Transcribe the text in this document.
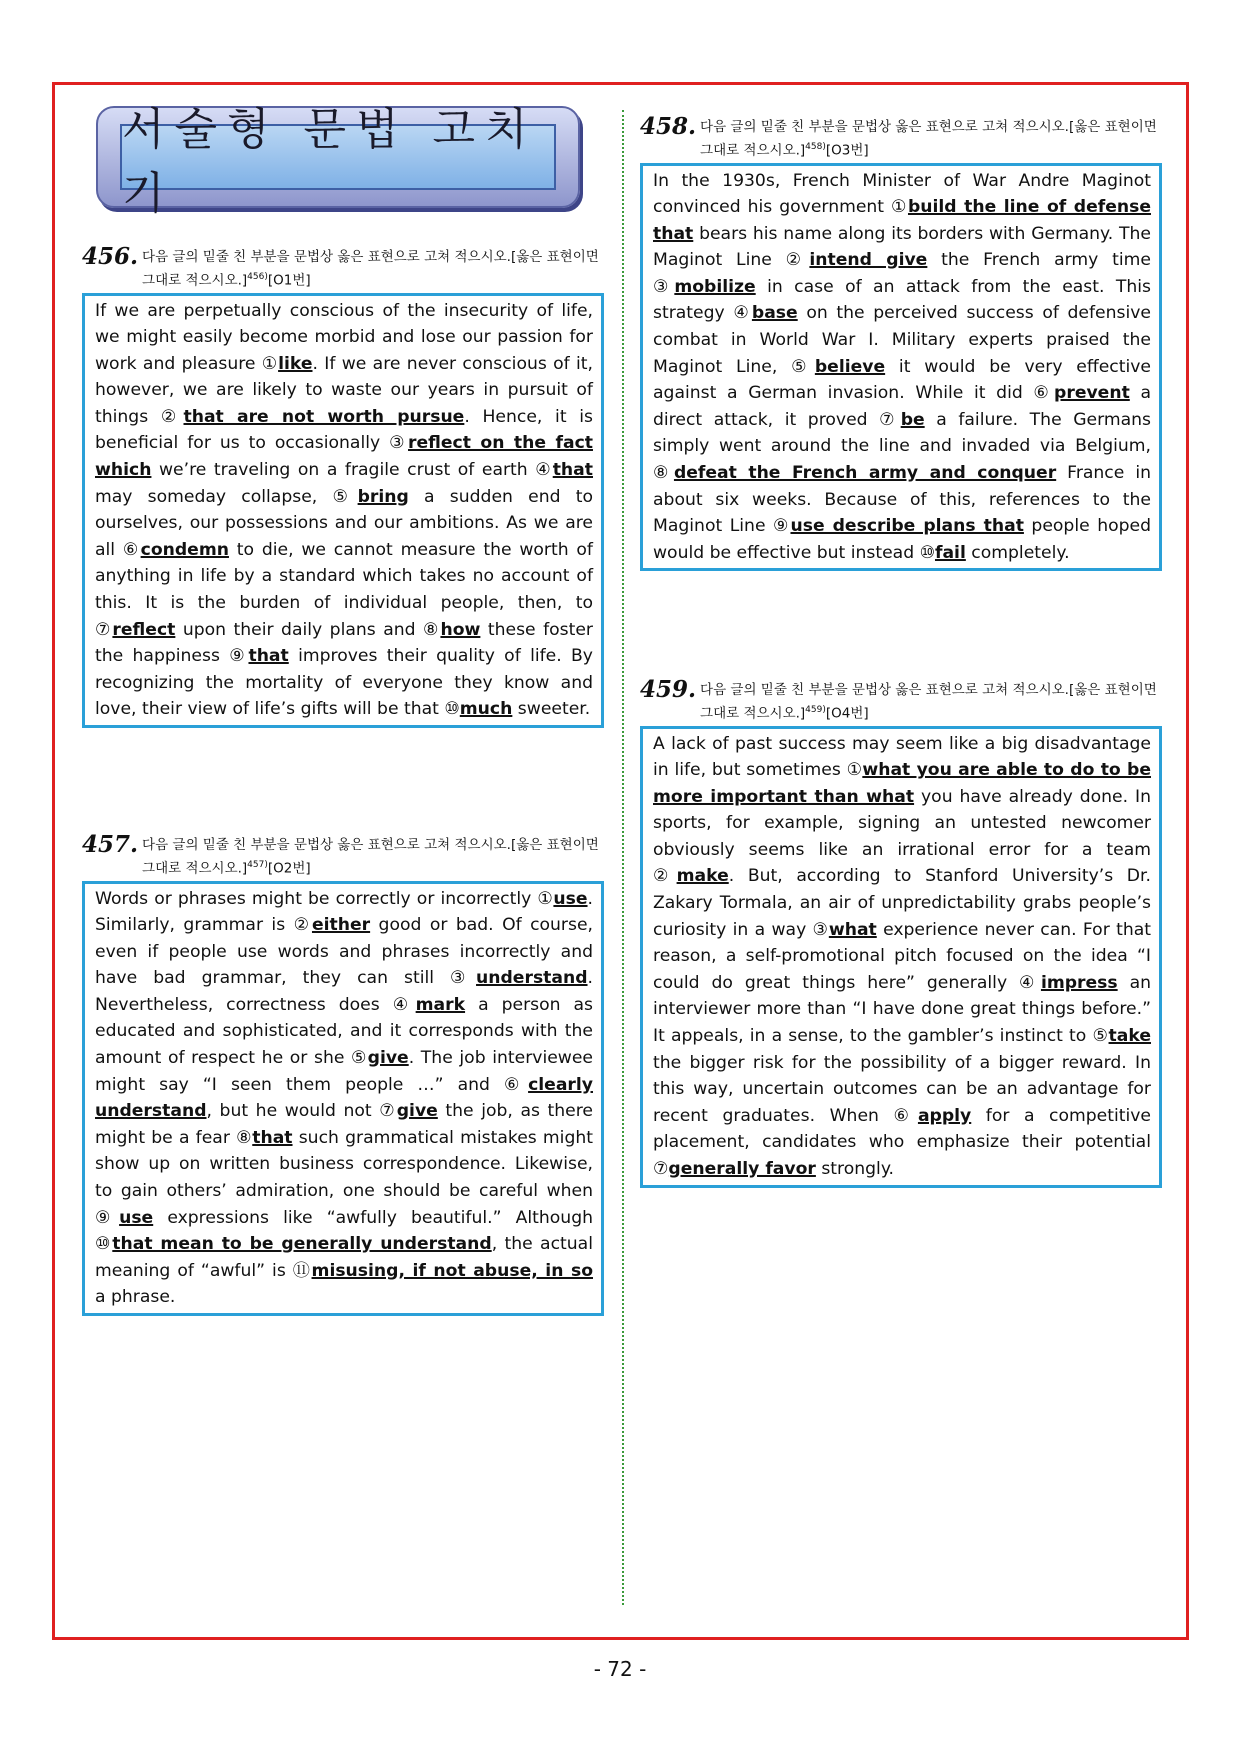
서술형 문법 고치기
456. 다음 글의 밑줄 친 부분을 문법상 옳은 표현으로 고쳐 적으시오.[옳은 표현이면 그대로 적으시오.]$^{456)}$[O1번]
If we are perpetually conscious of the insecurity of life, we might easily become morbid and lose our passion for work and pleasure ①like. If we are never conscious of it, however, we are likely to waste our years in pursuit of things ②that are not worth pursue. Hence, it is beneficial for us to occasionally ③reflect on the fact which we’re traveling on a fragile crust of earth ④that may someday collapse, ⑤bring a sudden end to ourselves, our possessions and our ambitions. As we are all ⑥condemn to die, we cannot measure the worth of anything in life by a standard which takes no account of this. It is the burden of individual people, then, to ⑦reflect upon their daily plans and ⑧how these foster the happiness ⑨that improves their quality of life. By recognizing the mortality of everyone they know and love, their view of life’s gifts will be that ⑩much sweeter.
457. 다음 글의 밑줄 친 부분을 문법상 옳은 표현으로 고쳐 적으시오.[옳은 표현이면 그대로 적으시오.]$^{457)}$[O2번]
Words or phrases might be correctly or incorrectly ①use. Similarly, grammar is ②either good or bad. Of course, even if people use words and phrases incorrectly and have bad grammar, they can still ③understand. Nevertheless, correctness does ④mark a person as educated and sophisticated, and it corresponds with the amount of respect he or she ⑤give. The job interviewee might say “I seen them people …” and ⑥clearly understand, but he would not ⑦give the job, as there might be a fear ⑧that such grammatical mistakes might show up on written business correspondence. Likewise, to gain others’ admiration, one should be careful when ⑨use expressions like “awfully beautiful.” Although ⑩that mean to be generally understand, the actual meaning of “awful” is ⑪misusing, if not abuse, in so a phrase.
458. 다음 글의 밑줄 친 부분을 문법상 옳은 표현으로 고쳐 적으시오.[옳은 표현이면 그대로 적으시오.]$^{458)}$[O3번]
In the 1930s, French Minister of War Andre Maginot convinced his government ①build the line of defense that bears his name along its borders with Germany. The Maginot Line ②intend give the French army time ③mobilize in case of an attack from the east. This strategy ④base on the perceived success of defensive combat in World War I. Military experts praised the Maginot Line, ⑤believe it would be very effective against a German invasion. While it did ⑥prevent a direct attack, it proved ⑦be a failure. The Germans simply went around the line and invaded via Belgium, ⑧defeat the French army and conquer France in about six weeks. Because of this, references to the Maginot Line ⑨use describe plans that people hoped would be effective but instead ⑩fail completely.
459. 다음 글의 밑줄 친 부분을 문법상 옳은 표현으로 고쳐 적으시오.[옳은 표현이면 그대로 적으시오.]$^{459)}$[O4번]
A lack of past success may seem like a big disadvantage in life, but sometimes ①what you are able to do to be more important than what you have already done. In sports, for example, signing an untested newcomer obviously seems like an irrational error for a team ②make. But, according to Stanford University’s Dr. Zakary Tormala, an air of unpredictability grabs people’s curiosity in a way ③what experience never can. For that reason, a self-promotional pitch focused on the idea “I could do great things here” generally ④impress an interviewer more than “I have done great things before.” It appeals, in a sense, to the gambler’s instinct to ⑤take the bigger risk for the possibility of a bigger reward. In this way, uncertain outcomes can be an advantage for recent graduates. When ⑥apply for a competitive placement, candidates who emphasize their potential ⑦generally favor strongly.
- 72 -
